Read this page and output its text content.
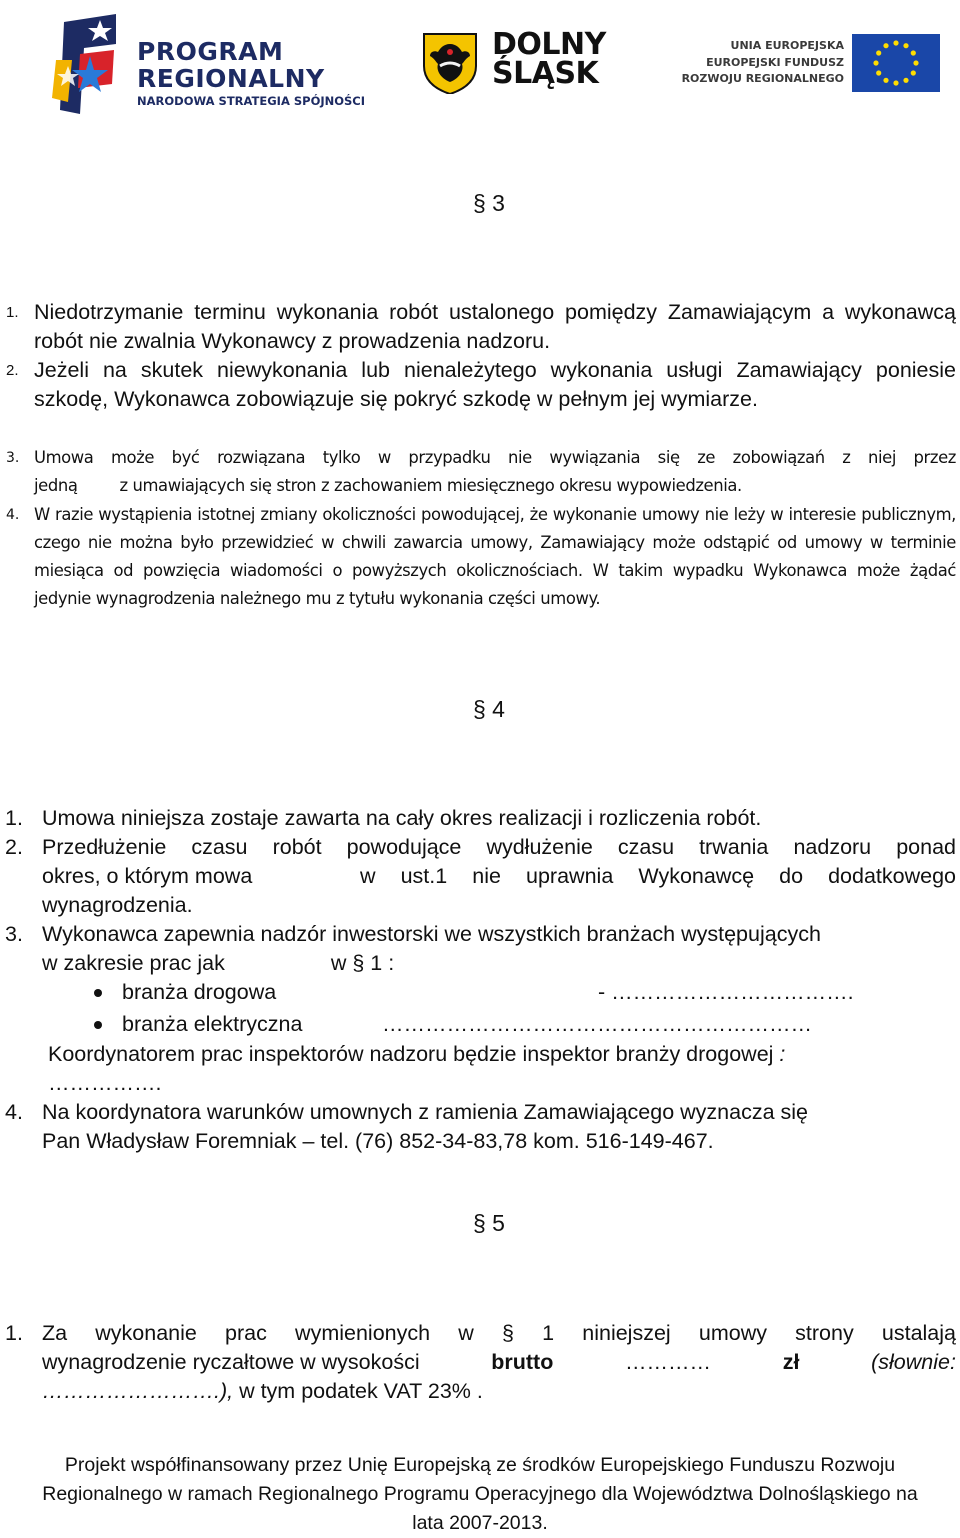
PROGRAM
REGIONALNY
NARODOWA STRATEGIA SPÓJNOŚCI
DOLNY
ŚLĄSK
UNIA EUROPEJSKA
EUROPEJSKI FUNDUSZ
ROZWOJU REGIONALNEGO
§ 3
1. Niedotrzymanie terminu wykonania robót ustalonego pomiędzy Zamawiającym a wykonawcą robót nie zwalnia Wykonawcy z prowadzenia nadzoru.
2. Jeżeli na skutek niewykonania lub nienależytego wykonania usługi Zamawiający poniesie szkodę, Wykonawca zobowiązuje się pokryć szkodę w pełnym jej wymiarze.
3. Umowa może być rozwiązana tylko w przypadku nie wywiązania się ze zobowiązań z niej przez
jedną	z umawiających się stron z zachowaniem miesięcznego okresu wypowiedzenia.
4. W razie wystąpienia istotnej zmiany okoliczności powodującej, że wykonanie umowy nie leży w interesie publicznym, czego nie można było przewidzieć w chwili zawarcia umowy, Zamawiający może odstąpić od umowy w terminie miesiąca od powzięcia wiadomości o powyższych okolicznościach. W takim wypadku Wykonawca może żądać jedynie wynagrodzenia należnego mu z tytułu wykonania części umowy.
§ 4
1. Umowa niniejsza zostaje zawarta na cały okres realizacji i rozliczenia robót.
2. Przedłużenie czasu robót powodujące wydłużenie czasu trwania nadzoru ponad
okres, o którym mowa	w ust.1 nie uprawnia Wykonawcę do dodatkowego
wynagrodzenia.
3. Wykonawca zapewnia nadzór inwestorski we wszystkich branżach występujących
w zakresie prac jak	w § 1 :
branża drogowa	- …………………………….
branża elektryczna	……………………………………………………
Koordynatorem prac inspektorów nadzoru będzie inspektor branży drogowej :
…………….
4. Na koordynatora warunków umownych z ramienia Zamawiającego wyznacza się
Pan Władysław Foremniak – tel. (76) 852-34-83,78 kom. 516-149-467.
§ 5
1. Za wykonanie prac wymienionych w § 1 niniejszej umowy strony ustalają
wynagrodzenie ryczałtowe w wysokości	brutto	…………	zł	(słownie:
…………………….), w tym podatek VAT 23% .
Projekt współfinansowany przez Unię Europejską ze środków Europejskiego Funduszu Rozwoju
Regionalnego w ramach Regionalnego Programu Operacyjnego dla Województwa Dolnośląskiego na
lata 2007-2013.
